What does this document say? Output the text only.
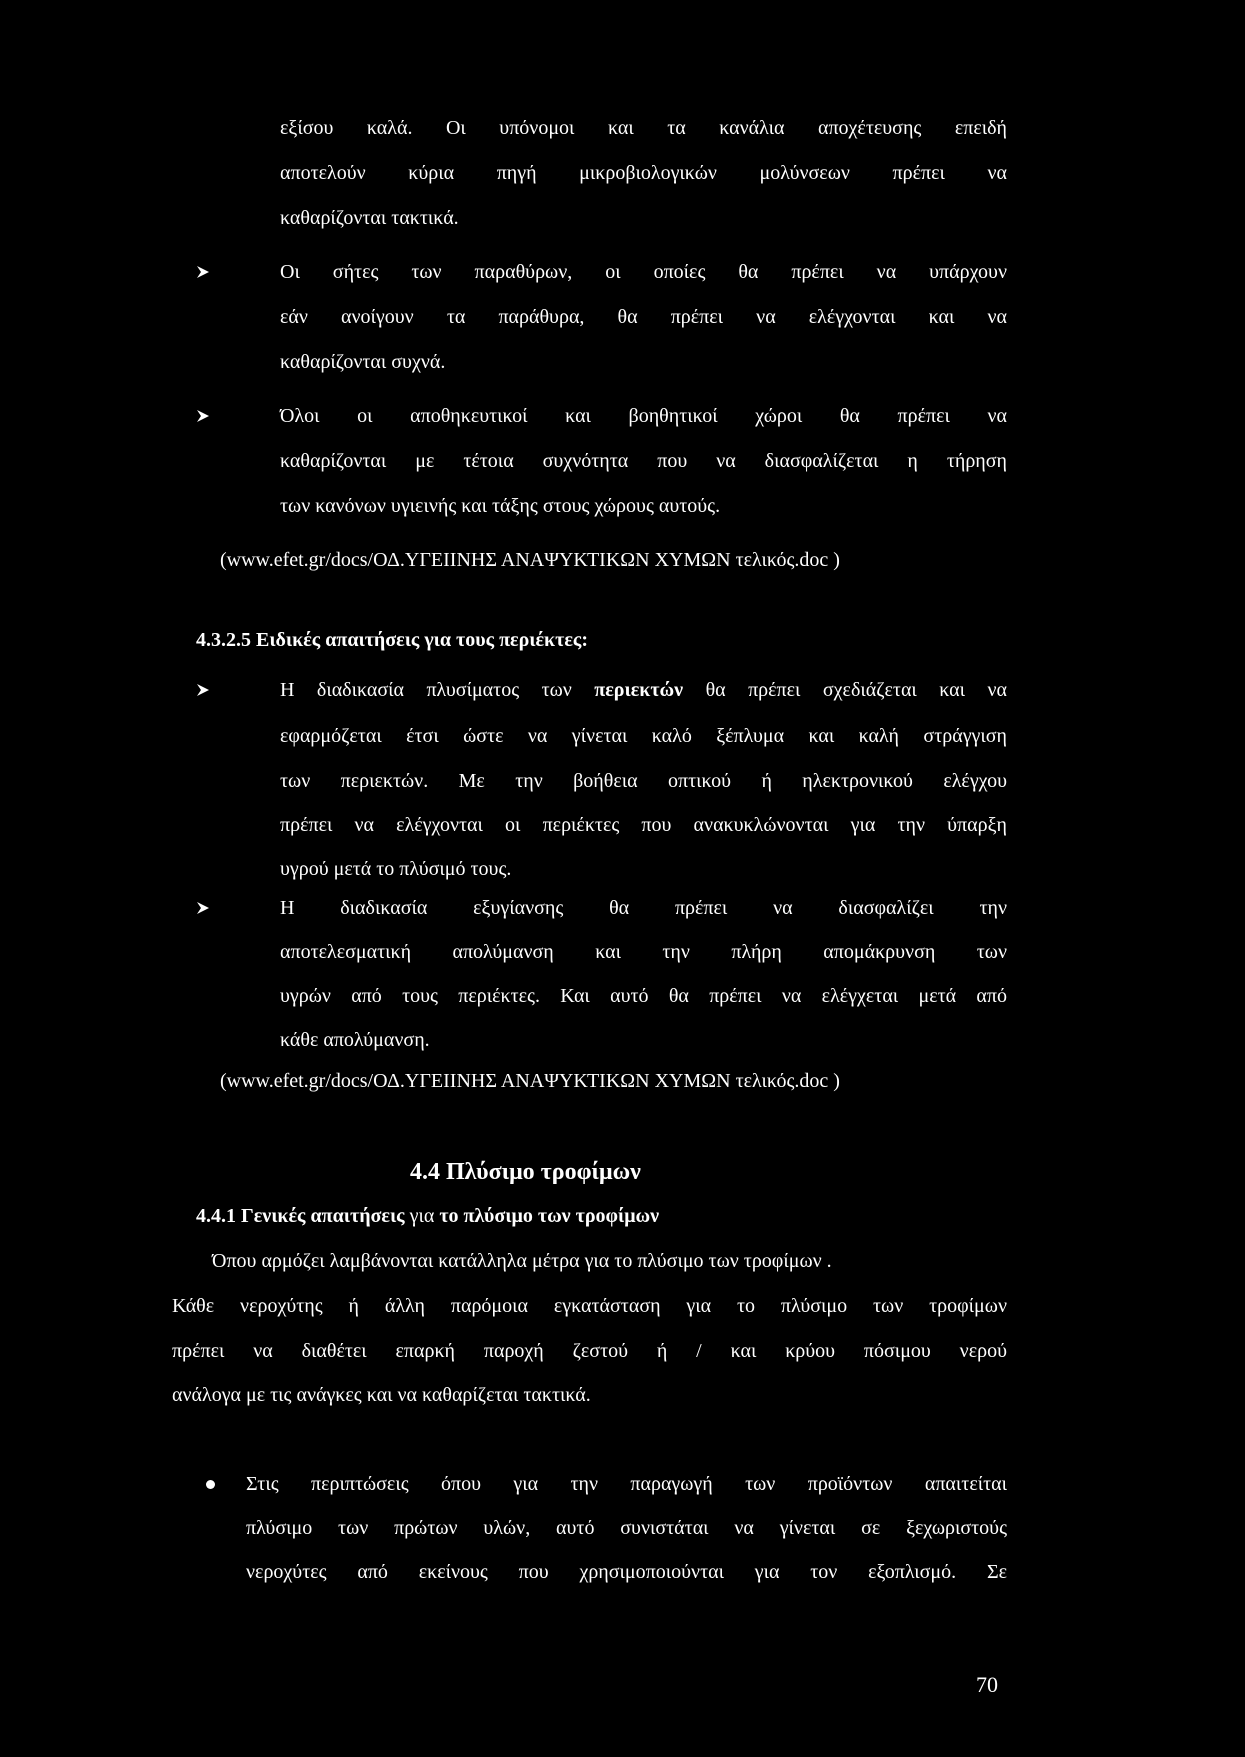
εξίσου καλά. Οι υπόνομοι και τα κανάλια αποχέτευσης επειδή
αποτελούν κύρια πηγή μικροβιολογικών μολύνσεων πρέπει να
καθαρίζονται τακτικά.
Οι σήτες των παραθύρων, οι οποίες θα πρέπει να υπάρχουν
εάν ανοίγουν τα παράθυρα, θα πρέπει να ελέγχονται και να
καθαρίζονται συχνά.
Όλοι οι αποθηκευτικοί και βοηθητικοί χώροι θα πρέπει να
καθαρίζονται με τέτοια συχνότητα που να διασφαλίζεται η τήρηση
των κανόνων υγιεινής και τάξης στους χώρους αυτούς.
(www.efet.gr/docs/ΟΔ.ΥΓΕΙΙΝΗΣ ΑΝΑΨΥΚΤΙΚΩΝ ΧΥΜΩΝ τελικός.doc )
4.3.2.5 Ειδικές απαιτήσεις για τους περιέκτες:
Η διαδικασία πλυσίματος των περιεκτών θα πρέπει σχεδιάζεται και να
εφαρμόζεται έτσι ώστε να γίνεται καλό ξέπλυμα και καλή στράγγιση
των περιεκτών. Με την βοήθεια οπτικού ή ηλεκτρονικού ελέγχου
πρέπει να ελέγχονται οι περιέκτες που ανακυκλώνονται για την ύπαρξη
υγρού μετά το πλύσιμό τους.
Η διαδικασία εξυγίανσης θα πρέπει να διασφαλίζει την
αποτελεσματική απολύμανση και την πλήρη απομάκρυνση των
υγρών από τους περιέκτες. Και αυτό θα πρέπει να ελέγχεται μετά από
κάθε απολύμανση.
(www.efet.gr/docs/ΟΔ.ΥΓΕΙΙΝΗΣ ΑΝΑΨΥΚΤΙΚΩΝ ΧΥΜΩΝ τελικός.doc )
4.4 Πλύσιμο τροφίμων
4.4.1 Γενικές απαιτήσεις για το πλύσιμο των τροφίμων
Όπου αρμόζει λαμβάνονται κατάλληλα μέτρα για το πλύσιμο των τροφίμων .
Κάθε νεροχύτης ή άλλη παρόμοια εγκατάσταση για το πλύσιμο των τροφίμων
πρέπει να διαθέτει επαρκή παροχή ζεστού ή / και κρύου πόσιμου νερού
ανάλογα με τις ανάγκες και να καθαρίζεται τακτικά.
Στις περιπτώσεις όπου για την παραγωγή των προϊόντων απαιτείται
πλύσιμο των πρώτων υλών, αυτό συνιστάται να γίνεται σε ξεχωριστούς
νεροχύτες από εκείνους που χρησιμοποιούνται για τον εξοπλισμό. Σε
70
